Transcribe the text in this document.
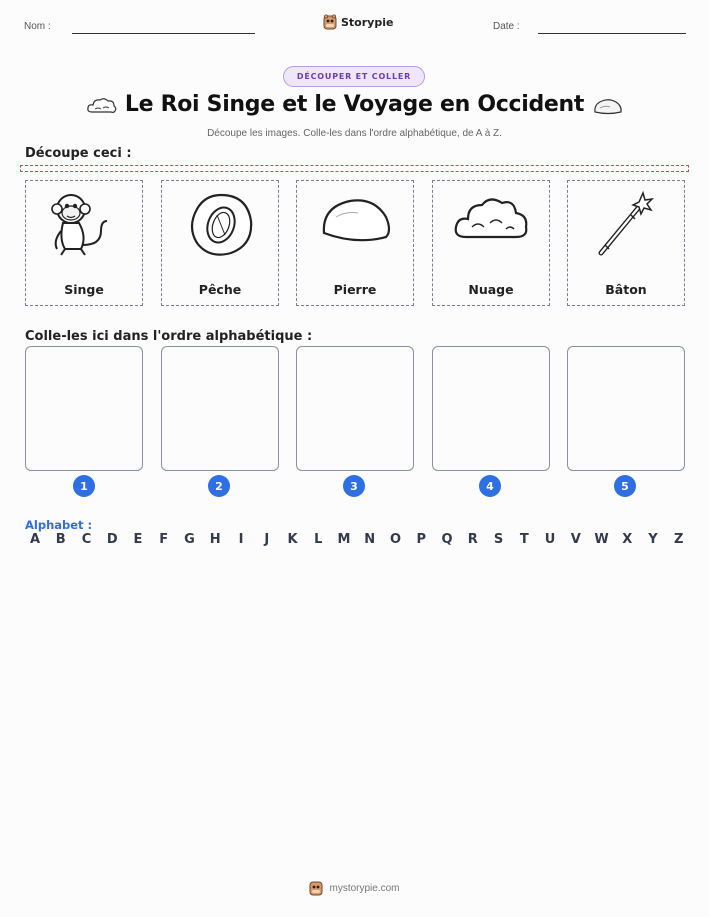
Nom :	Storypie	Date :
DÉCOUPER ET COLLER
Le Roi Singe et le Voyage en Occident
Découpe les images. Colle-les dans l'ordre alphabétique, de A à Z.
Découpe ceci :
Singe	Pêche	Pierre	Nuage	Bâton
Colle-les ici dans l'ordre alphabétique :
1	2	3	4	5
Alphabet :
A B C D E F G H	I	J	K L M N O P Q R S T U V W X Y Z
mystorypie.com
